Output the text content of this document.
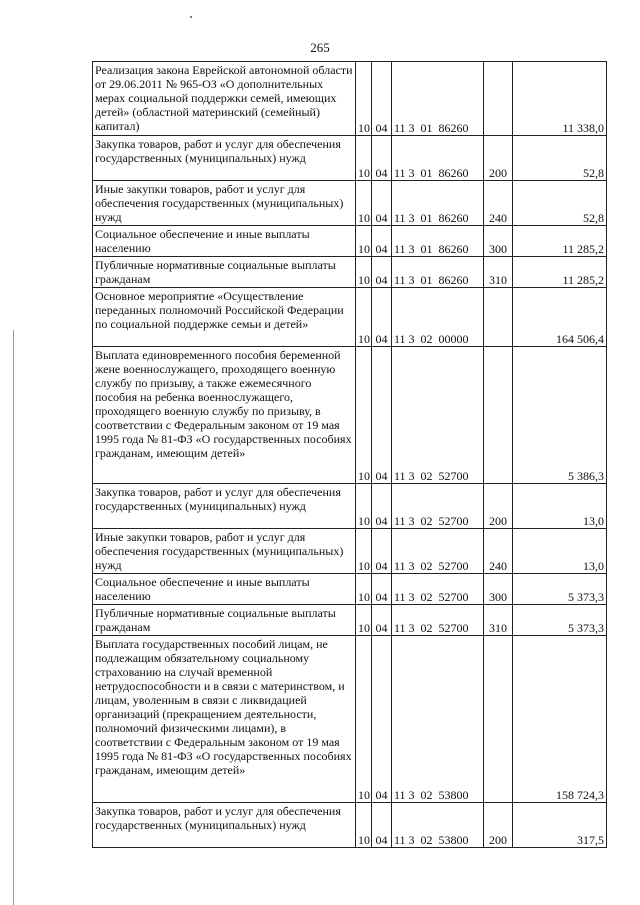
265
Реализация закона Еврейской автономной области от 29.06.2011 № 965-ОЗ «О дополнительных мерах социальной поддержки семей, имеющих детей» (областной материнский (семейный) капитал)	10	04	11 3  01  86260		11 338,0
Закупка товаров, работ и услуг для обеспечения государственных (муниципальных) нужд	10	04	11 3  01  86260	200	52,8
Иные закупки товаров, работ и услуг для обеспечения государственных (муниципальных) нужд	10	04	11 3  01  86260	240	52,8
Социальное обеспечение и иные выплаты населению	10	04	11 3  01  86260	300	11 285,2
Публичные нормативные социальные выплаты гражданам	10	04	11 3  01  86260	310	11 285,2
Основное мероприятие «Осуществление переданных полномочий Российской Федерации по социальной поддержке семьи и детей»	10	04	11 3  02  00000		164 506,4
Выплата единовременного пособия беременной жене военнослужащего, проходящего военную службу по призыву, а также ежемесячного пособия на ребенка военнослужащего, проходящего военную службу по призыву, в соответствии с Федеральным законом от 19 мая 1995 года № 81-ФЗ «О государственных пособиях гражданам, имеющим детей»	10	04	11 3  02  52700		5 386,3
Закупка товаров, работ и услуг для обеспечения государственных (муниципальных) нужд	10	04	11 3  02  52700	200	13,0
Иные закупки товаров, работ и услуг для обеспечения государственных (муниципальных) нужд	10	04	11 3  02  52700	240	13,0
Социальное обеспечение и иные выплаты населению	10	04	11 3  02  52700	300	5 373,3
Публичные нормативные социальные выплаты гражданам	10	04	11 3  02  52700	310	5 373,3
Выплата государственных пособий лицам, не подлежащим обязательному социальному страхованию на случай временной нетрудоспособности и в связи с материнством, и лицам, уволенным в связи с ликвидацией организаций (прекращением деятельности, полномочий физическими лицами), в соответствии с Федеральным законом от 19 мая 1995 года № 81-ФЗ «О государственных пособиях гражданам, имеющим детей»	10	04	11 3  02  53800		158 724,3
Закупка товаров, работ и услуг для обеспечения государственных (муниципальных) нужд	10	04	11 3  02  53800	200	317,5
